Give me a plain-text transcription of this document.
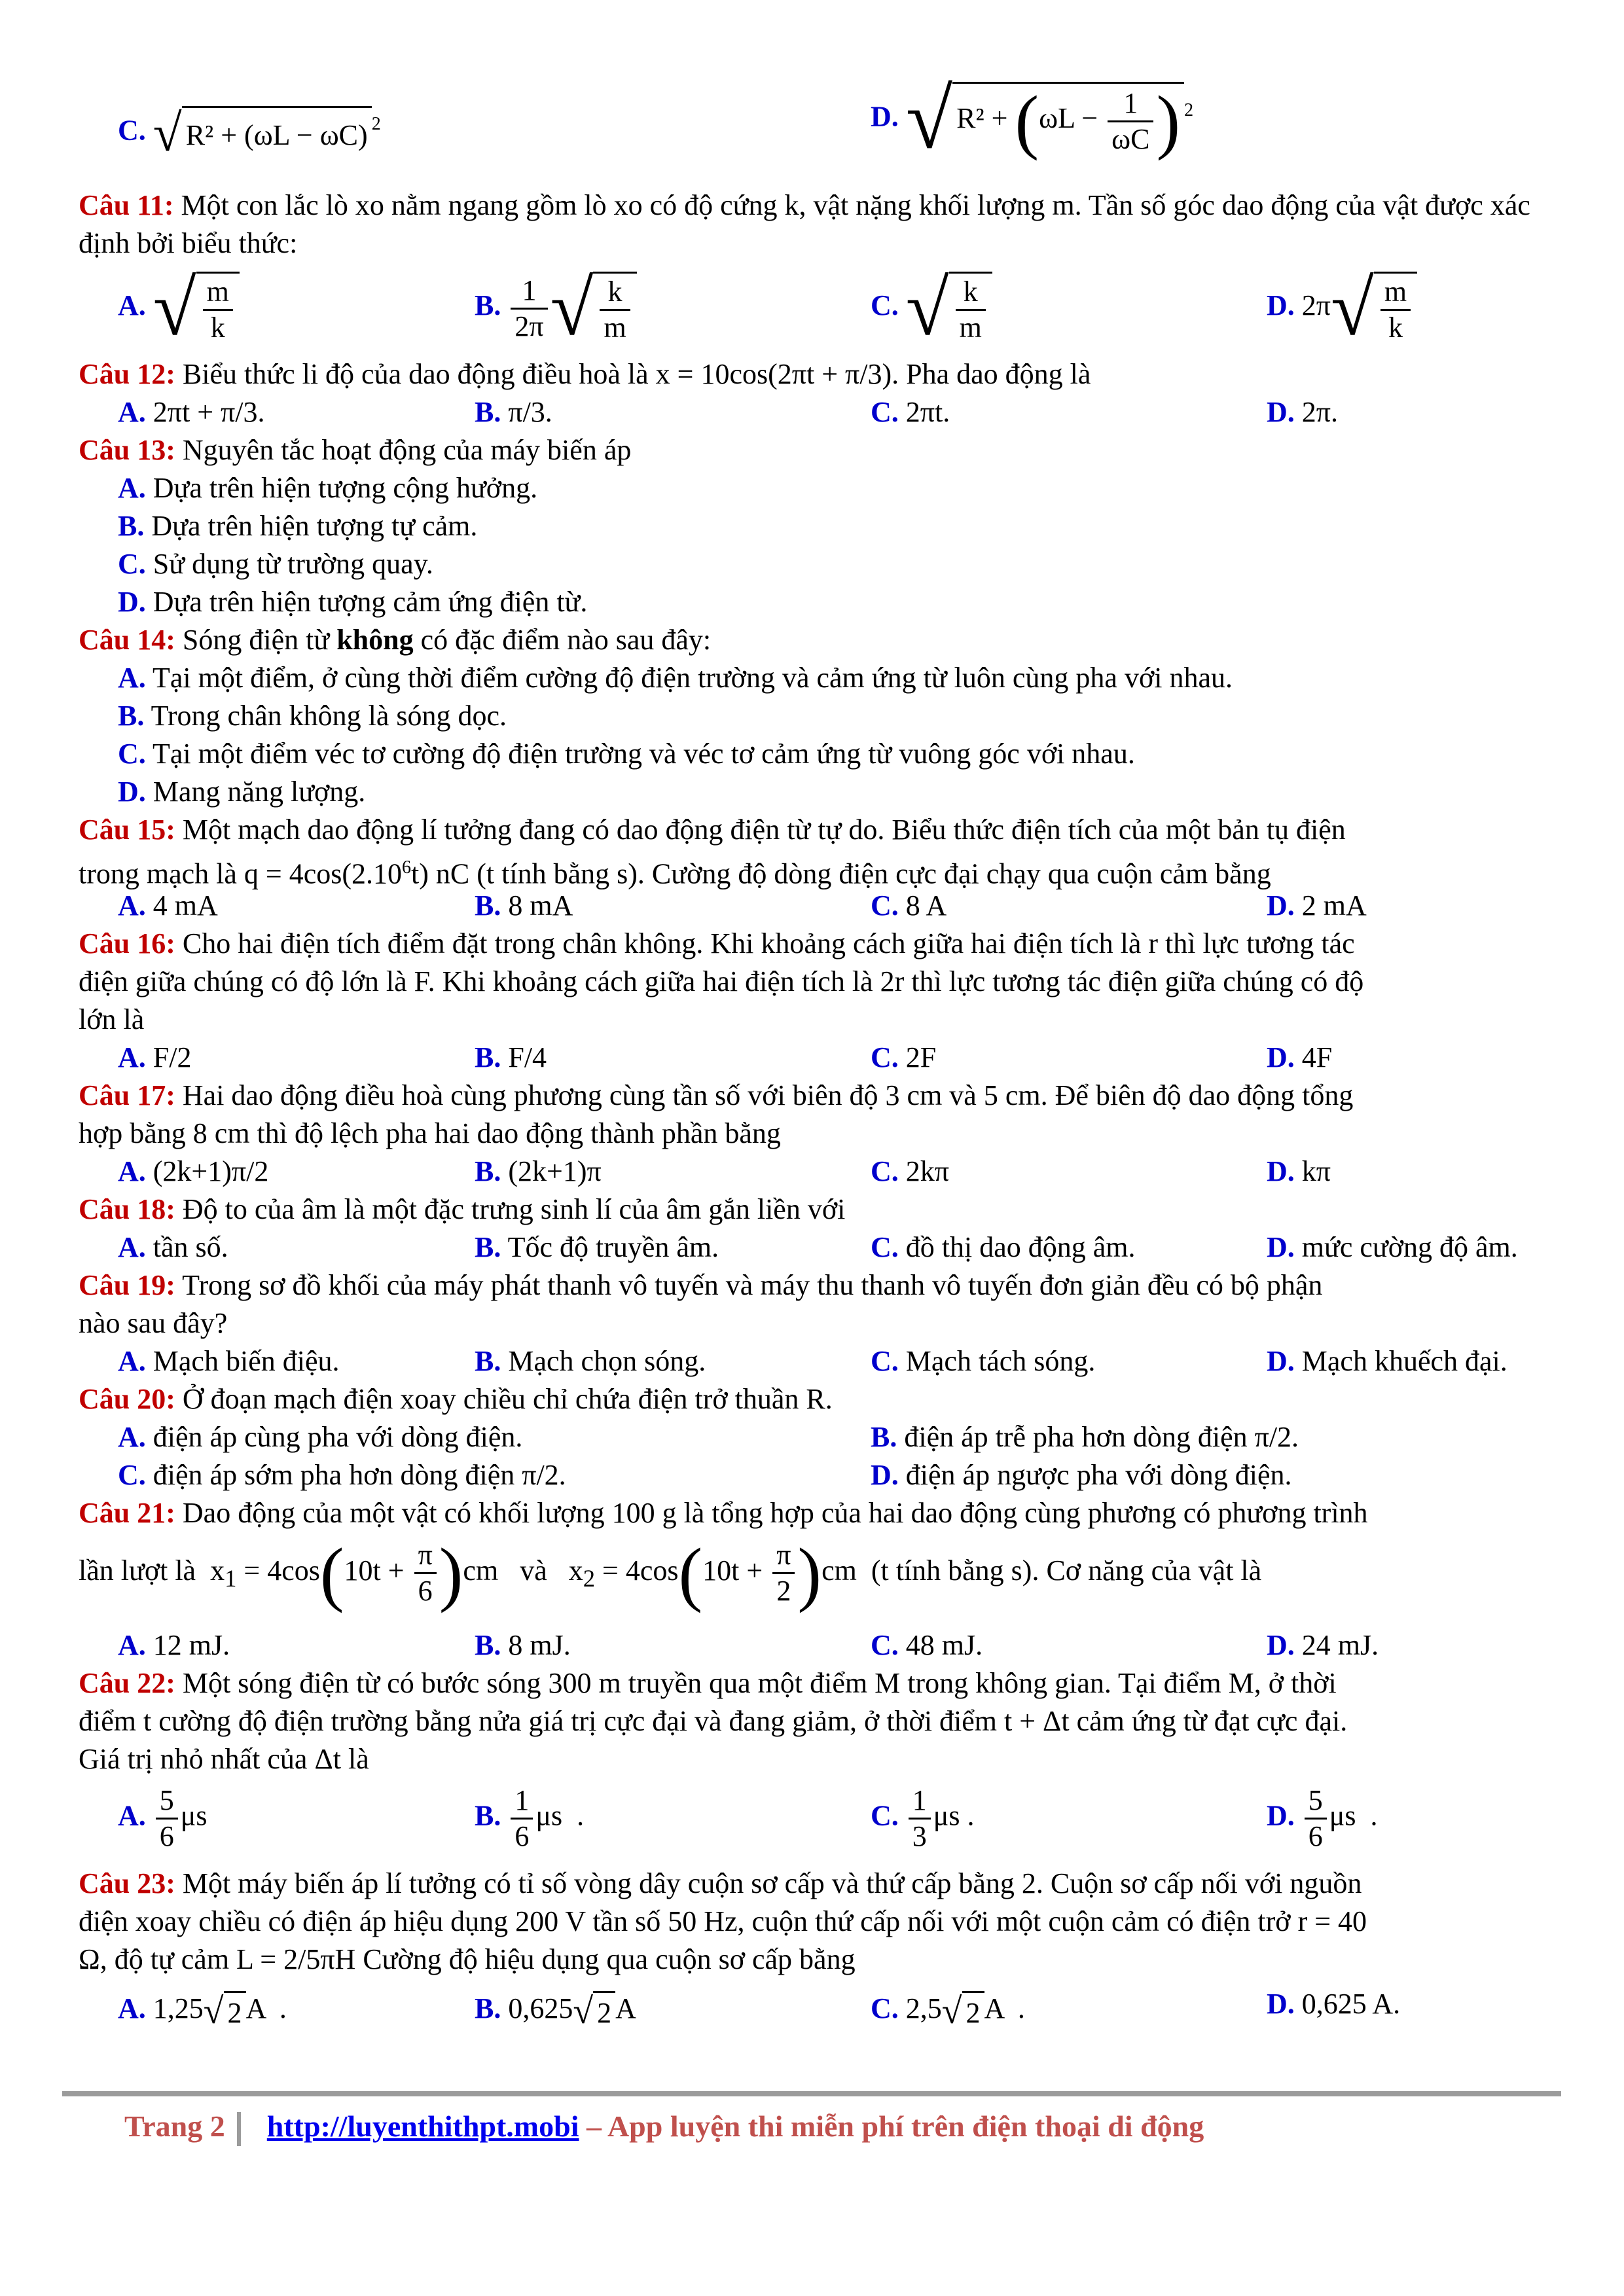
C. √ R² + (ωL − ωC) $^2$	D. √ $R^2 + (\omega L - \frac{1}{\omega C}$ ) $^2$
Câu 11: Một con lắc lò xo nằm ngang gồm lò xo có độ cứng k, vật nặng khối lượng m. Tần số góc dao động của vật được xác định bởi biểu thức:
A. √ $\frac{m}{k}$	B. $\frac{1}{2\pi}$ √ $\frac{k}{m}$	C. √ $\frac{k}{m}$	D. $2\pi√ \frac{m}{k}$
Câu 12: Biểu thức li độ của dao động điều hoà là x = 10cos(2πt + π/3). Pha dao động là
A. 2πt + π/3.	B. π/3.	C. 2πt.	D. 2π.
Câu 13: Nguyên tắc hoạt động của máy biến áp
A. Dựa trên hiện tượng cộng hưởng.
B. Dựa trên hiện tượng tự cảm.
C. Sử dụng từ trường quay.
D. Dựa trên hiện tượng cảm ứng điện từ.
Câu 14: Sóng điện từ không có đặc điểm nào sau đây:
A. Tại một điểm, ở cùng thời điểm cường độ điện trường và cảm ứng từ luôn cùng pha với nhau.
B. Trong chân không là sóng dọc.
C. Tại một điểm véc tơ cường độ điện trường và véc tơ cảm ứng từ vuông góc với nhau.
D. Mang năng lượng.
Câu 15: Một mạch dao động lí tưởng đang có dao động điện từ tự do. Biểu thức điện tích của một bản tụ điện
trong mạch là $q = 4\cos(2.10^6t)$ nC (t tính bằng s). Cường độ dòng điện cực đại chạy qua cuộn cảm bằng
A. 4 mA	B. 8 mA	C. 8 A	D. 2 mA
Câu 16: Cho hai điện tích điểm đặt trong chân không. Khi khoảng cách giữa hai điện tích là r thì lực tương tác
điện giữa chúng có độ lớn là F. Khi khoảng cách giữa hai điện tích là 2r thì lực tương tác điện giữa chúng có độ
lớn là
A. F/2	B. F/4	C. 2F	D. 4F
Câu 17: Hai dao động điều hoà cùng phương cùng tần số với biên độ 3 cm và 5 cm. Để biên độ dao động tổng
hợp bằng 8 cm thì độ lệch pha hai dao động thành phần bằng
A. (2k+1)π/2	B. (2k+1)π	C. 2kπ	D. kπ
Câu 18: Độ to của âm là một đặc trưng sinh lí của âm gắn liền với
A. tần số.	B. Tốc độ truyền âm.	C. đồ thị dao động âm.	D. mức cường độ âm.
Câu 19: Trong sơ đồ khối của máy phát thanh vô tuyến và máy thu thanh vô tuyến đơn giản đều có bộ phận
nào sau đây?
A. Mạch biến điệu.	B. Mạch chọn sóng.	C. Mạch tách sóng.	D. Mạch khuếch đại.
Câu 20: Ở đoạn mạch điện xoay chiều chỉ chứa điện trở thuần R.
A. điện áp cùng pha với dòng điện.	B. điện áp trễ pha hơn dòng điện π/2.
C. điện áp sớm pha hơn dòng điện π/2.	D. điện áp ngược pha với dòng điện.
Câu 21: Dao động của một vật có khối lượng 100 g là tổng hợp của hai dao động cùng phương có phương trình
lần lượt là $x_1 = 4\cos(10t + \frac{\pi}{6} )cm$ và $x_2 = 4\cos(10t + \frac{\pi}{2} )cm$ (t tính bằng s). Cơ năng của vật là
A. 12 mJ.	B. 8 mJ.	C. 48 mJ.	D. 24 mJ.
Câu 22: Một sóng điện từ có bước sóng 300 m truyền qua một điểm M trong không gian. Tại điểm M, ở thời
điểm t cường độ điện trường bằng nửa giá trị cực đại và đang giảm, ở thời điểm t + Δt cảm ứng từ đạt cực đại.
Giá trị nhỏ nhất của Δt là
A. $\frac{5}{6}$ μs	B. $\frac{1}{6}$ μs .	C. $\frac{1}{3}$ μs .	D. $\frac{5}{6}$ μs .
Câu 23: Một máy biến áp lí tưởng có tỉ số vòng dây cuộn sơ cấp và thứ cấp bằng 2. Cuộn sơ cấp nối với nguồn
điện xoay chiều có điện áp hiệu dụng 200 V tần số 50 Hz, cuộn thứ cấp nối với một cuộn cảm có điện trở r = 40
Ω, độ tự cảm L = 2/5πH Cường độ hiệu dụng qua cuộn sơ cấp bằng
A. 1,25√ 2 A .	B. 0,625√ 2 A	C. 2,5√ 2 A .	D. 0,625 A.
Trang 2 http://luyenthithpt.mobi – App luyện thi miễn phí trên điện thoại di động
